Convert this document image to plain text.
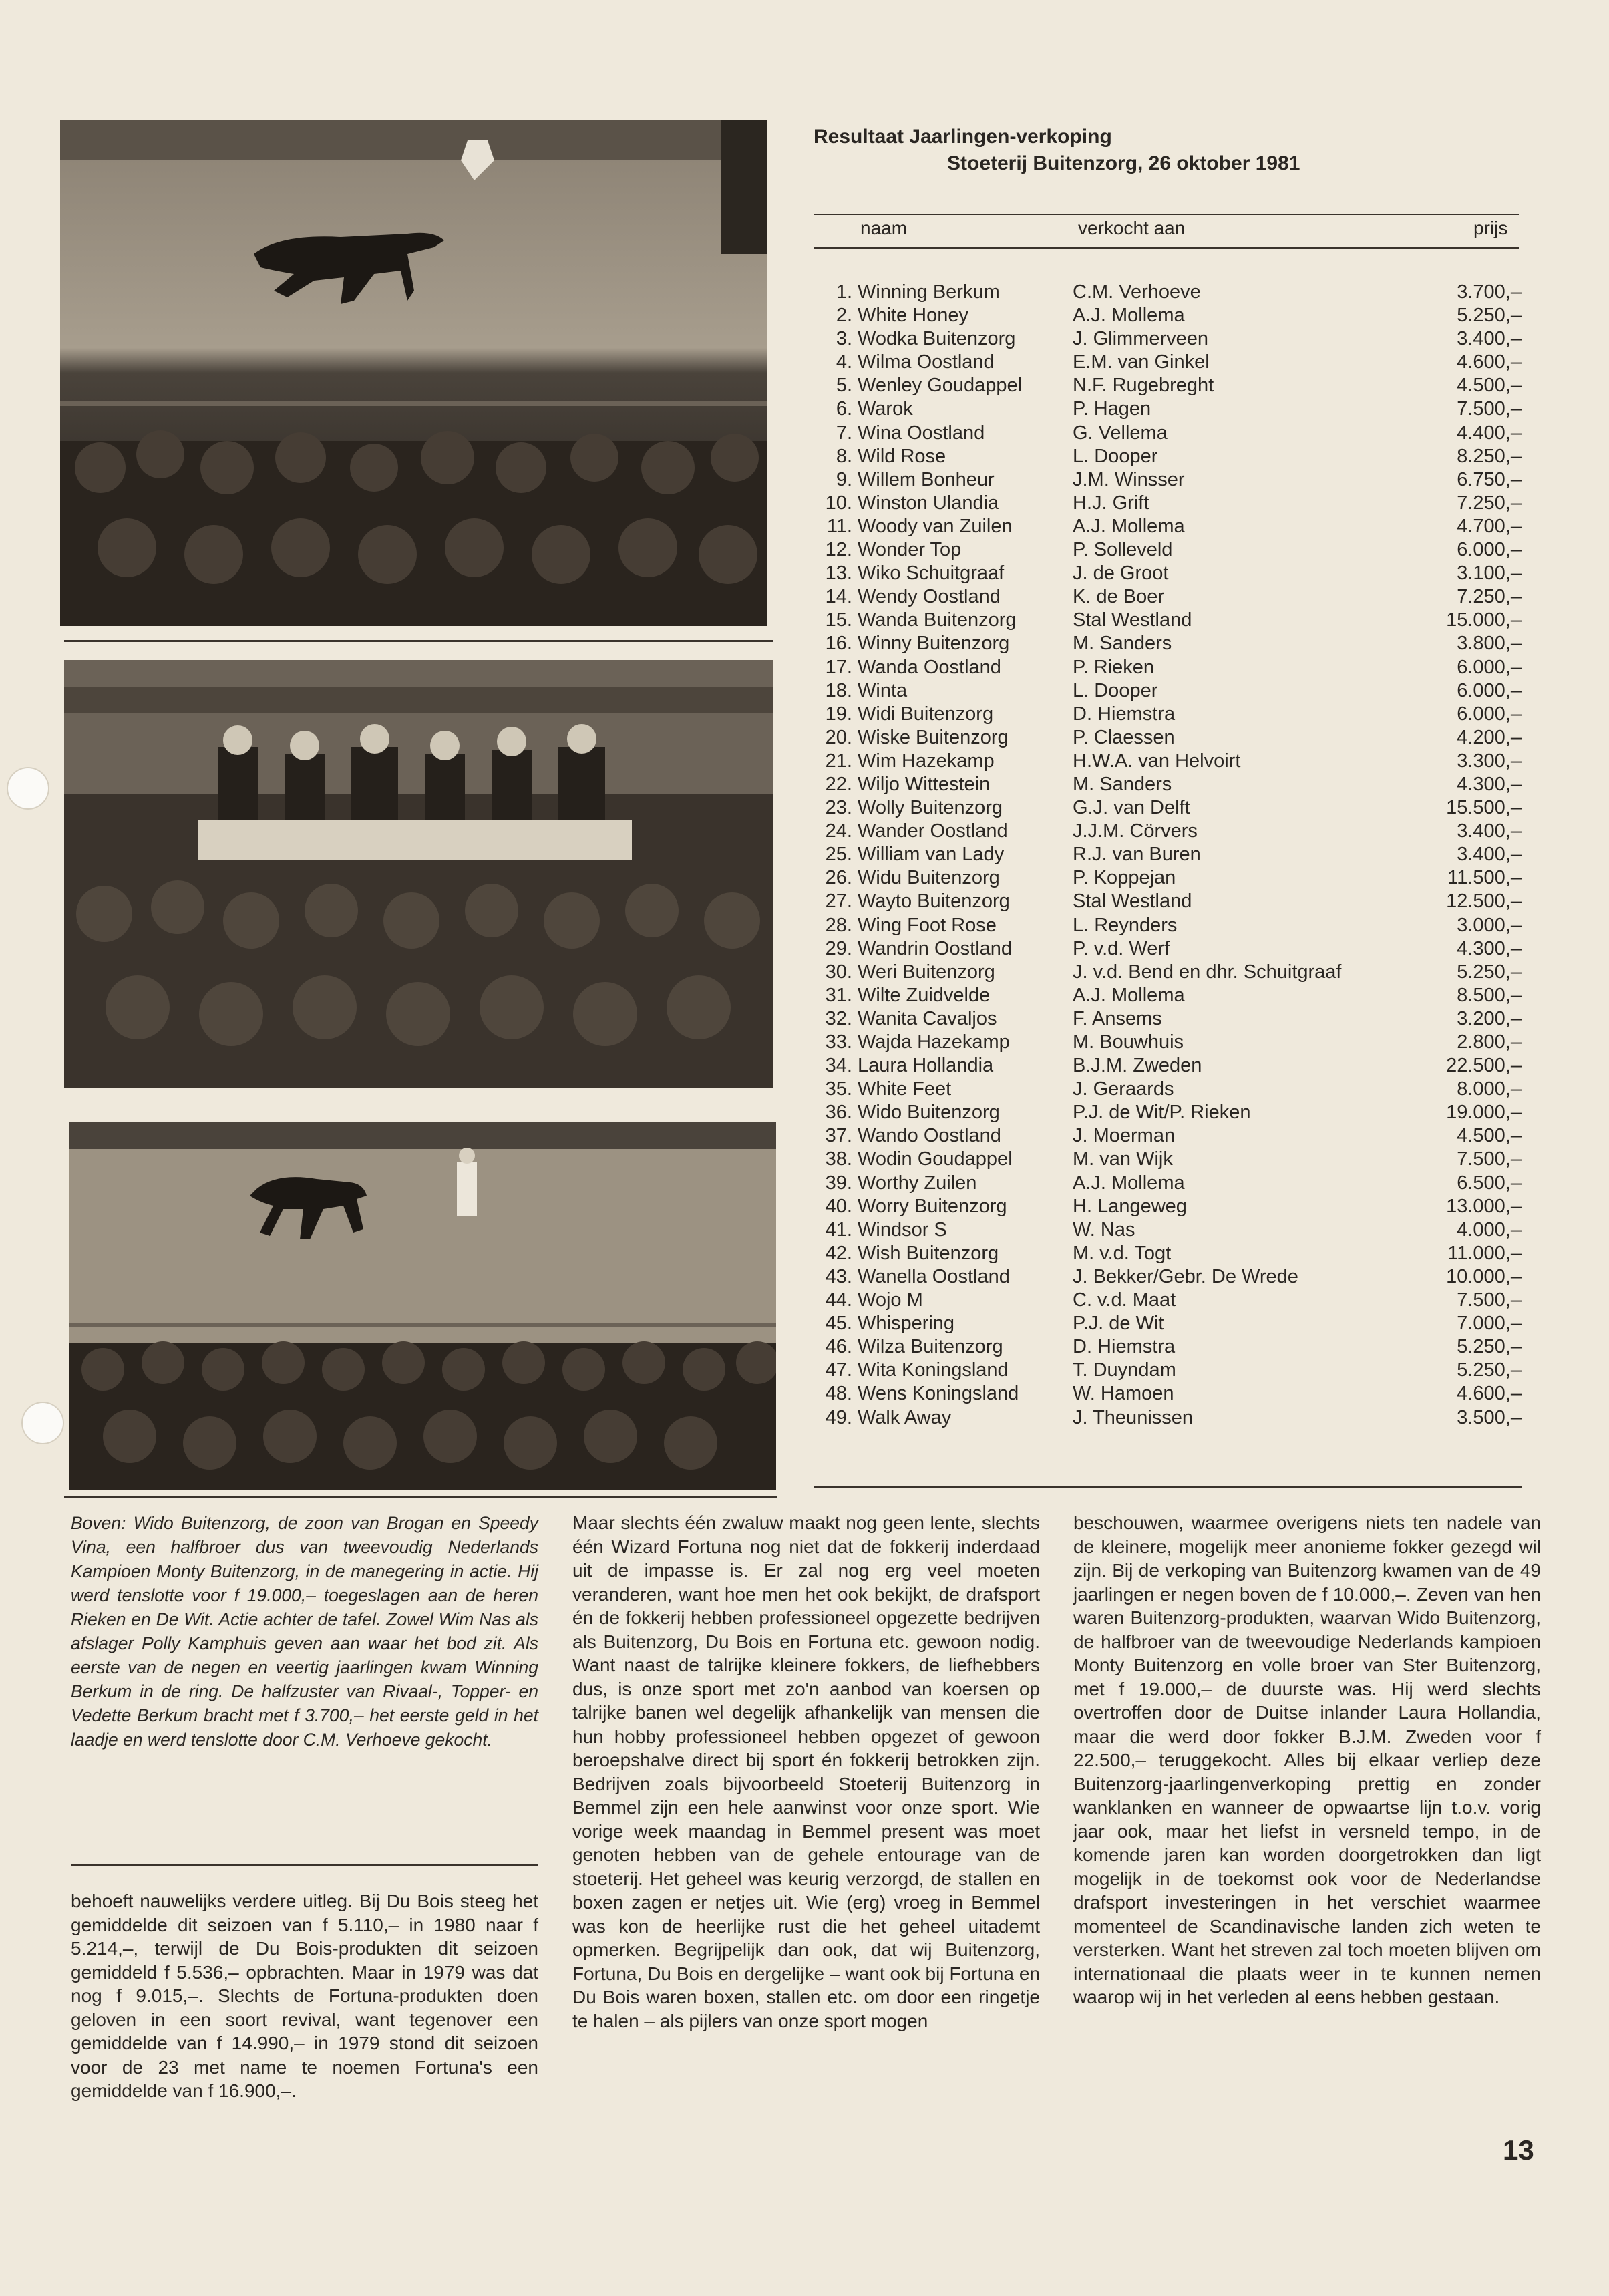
Resultaat Jaarlingen-verkoping
Stoeterij Buitenzorg, 26 oktober 1981
naam	verkocht aan	prijs
1. Winning Berkum	C.M. Verhoeve	3.700,–
2. White Honey	A.J. Mollema	5.250,–
3. Wodka Buitenzorg	J. Glimmerveen	3.400,–
4. Wilma Oostland	E.M. van Ginkel	4.600,–
5. Wenley Goudappel	N.F. Rugebreght	4.500,–
6. Warok	P. Hagen	7.500,–
7. Wina Oostland	G. Vellema	4.400,–
8. Wild Rose	L. Dooper	8.250,–
9. Willem Bonheur	J.M. Winsser	6.750,–
10. Winston Ulandia	H.J. Grift	7.250,–
11. Woody van Zuilen	A.J. Mollema	4.700,–
12. Wonder Top	P. Solleveld	6.000,–
13. Wiko Schuitgraaf	J. de Groot	3.100,–
14. Wendy Oostland	K. de Boer	7.250,–
15. Wanda Buitenzorg	Stal Westland	15.000,–
16. Winny Buitenzorg	M. Sanders	3.800,–
17. Wanda Oostland	P. Rieken	6.000,–
18. Winta	L. Dooper	6.000,–
19. Widi Buitenzorg	D. Hiemstra	6.000,–
20. Wiske Buitenzorg	P. Claessen	4.200,–
21. Wim Hazekamp	H.W.A. van Helvoirt	3.300,–
22. Wiljo Wittestein	M. Sanders	4.300,–
23. Wolly Buitenzorg	G.J. van Delft	15.500,–
24. Wander Oostland	J.J.M. Cörvers	3.400,–
25. William van Lady	R.J. van Buren	3.400,–
26. Widu Buitenzorg	P. Koppejan	11.500,–
27. Wayto Buitenzorg	Stal Westland	12.500,–
28. Wing Foot Rose	L. Reynders	3.000,–
29. Wandrin Oostland	P. v.d. Werf	4.300,–
30. Weri Buitenzorg	J. v.d. Bend en dhr. Schuitgraaf	5.250,–
31. Wilte Zuidvelde	A.J. Mollema	8.500,–
32. Wanita Cavaljos	F. Ansems	3.200,–
33. Wajda Hazekamp	M. Bouwhuis	2.800,–
34. Laura Hollandia	B.J.M. Zweden	22.500,–
35. White Feet	J. Geraards	8.000,–
36. Wido Buitenzorg	P.J. de Wit/P. Rieken	19.000,–
37. Wando Oostland	J. Moerman	4.500,–
38. Wodin Goudappel	M. van Wijk	7.500,–
39. Worthy Zuilen	A.J. Mollema	6.500,–
40. Worry Buitenzorg	H. Langeweg	13.000,–
41. Windsor S	W. Nas	4.000,–
42. Wish Buitenzorg	M. v.d. Togt	11.000,–
43. Wanella Oostland	J. Bekker/Gebr. De Wrede	10.000,–
44. Wojo M	C. v.d. Maat	7.500,–
45. Whispering	P.J. de Wit	7.000,–
46. Wilza Buitenzorg	D. Hiemstra	5.250,–
47. Wita Koningsland	T. Duyndam	5.250,–
48. Wens Koningsland	W. Hamoen	4.600,–
49. Walk Away	J. Theunissen	3.500,–
Boven: Wido Buitenzorg, de zoon van Brogan en Speedy Vina, een halfbroer dus van tweevoudig Nederlands Kampioen Monty Buitenzorg, in de manegering in actie. Hij werd tenslotte voor f 19.000,– toegeslagen aan de heren Rieken en De Wit. Actie achter de tafel. Zowel Wim Nas als afslager Polly Kamphuis geven aan waar het bod zit. Als eerste van de negen en veertig jaarlingen kwam Winning Berkum in de ring. De halfzuster van Rivaal-, Topper- en Vedette Berkum bracht met f 3.700,– het eerste geld in het laadje en werd tenslotte door C.M. Verhoeve gekocht.
behoeft nauwelijks verdere uitleg. Bij Du Bois steeg het gemiddelde dit seizoen van f 5.110,– in 1980 naar f 5.214,–, terwijl de Du Bois-produkten dit seizoen gemiddeld f 5.536,– opbrachten. Maar in 1979 was dat nog f 9.015,–. Slechts de Fortuna-produkten doen geloven in een soort revival, want tegenover een gemiddelde van f 14.990,– in 1979 stond dit seizoen voor de 23 met name te noemen Fortuna's een gemiddelde van f 16.900,–.
Maar slechts één zwaluw maakt nog geen lente, slechts één Wizard Fortuna nog niet dat de fokkerij inderdaad uit de impasse is. Er zal nog erg veel moeten veranderen, want hoe men het ook bekijkt, de drafsport én de fokkerij hebben professioneel opgezette bedrijven als Buitenzorg, Du Bois en Fortuna etc. gewoon nodig. Want naast de talrijke kleinere fokkers, de liefhebbers dus, is onze sport met zo'n aanbod van koersen op talrijke banen wel degelijk afhankelijk van mensen die hun hobby professioneel hebben opgezet of gewoon beroepshalve direct bij sport én fokkerij betrokken zijn. Bedrijven zoals bijvoorbeeld Stoeterij Buitenzorg in Bemmel zijn een hele aanwinst voor onze sport. Wie vorige week maandag in Bemmel present was moet genoten hebben van de gehele entourage van de stoeterij. Het geheel was keurig verzorgd, de stallen en boxen zagen er netjes uit. Wie (erg) vroeg in Bemmel was kon de heerlijke rust die het geheel uitademt opmerken. Begrijpelijk dan ook, dat wij Buitenzorg, Fortuna, Du Bois en dergelijke – want ook bij Fortuna en Du Bois waren boxen, stallen etc. om door een ringetje te halen – als pijlers van onze sport mogen
beschouwen, waarmee overigens niets ten nadele van de kleinere, mogelijk meer anonieme fokker gezegd wil zijn. Bij de verkoping van Buitenzorg kwamen van de 49 jaarlingen er negen boven de f 10.000,–. Zeven van hen waren Buitenzorg-produkten, waarvan Wido Buitenzorg, de halfbroer van de tweevoudige Nederlands kampioen Monty Buitenzorg en volle broer van Ster Buitenzorg, met f 19.000,– de duurste was. Hij werd slechts overtroffen door de Duitse inlander Laura Hollandia, maar die werd door fokker B.J.M. Zweden voor f 22.500,– teruggekocht. Alles bij elkaar verliep deze Buitenzorg-jaarlingenverkoping prettig en zonder wanklanken en wanneer de opwaartse lijn t.o.v. vorig jaar ook, maar het liefst in versneld tempo, in de komende jaren kan worden doorgetrokken dan ligt mogelijk in de toekomst ook voor de Nederlandse drafsport investeringen in het verschiet waarmee momenteel de Scandinavische landen zich weten te versterken. Want het streven zal toch moeten blijven om internationaal die plaats weer in te kunnen nemen waarop wij in het verleden al eens hebben gestaan.
13
